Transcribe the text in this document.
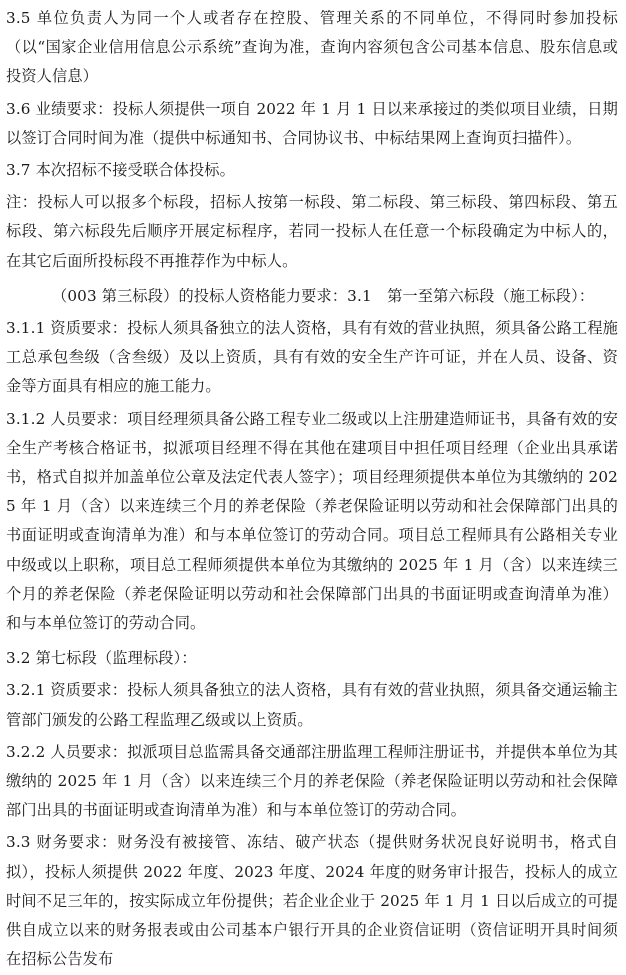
3.5 单位负责人为同一个人或者存在控股、管理关系的不同单位，不得同时参加投标（以“国家企业信用信息公示系统”查询为准，查询内容须包含公司基本信息、股东信息或投资人信息）

3.6 业绩要求：投标人须提供一项自 2022 年 1 月 1 日以来承接过的类似项目业绩，日期以签订合同时间为准（提供中标通知书、合同协议书、中标结果网上查询页扫描件）。

3.7 本次招标不接受联合体投标。

注：投标人可以报多个标段，招标人按第一标段、第二标段、第三标段、第四标段、第五标段、第六标段先后顺序开展定标程序，若同一投标人在任意一个标段确定为中标人的，在其它后面所投标段不再推荐作为中标人。

（003 第三标段）的投标人资格能力要求：3.1　第一至第六标段（施工标段）：

3.1.1 资质要求：投标人须具备独立的法人资格，具有有效的营业执照，须具备公路工程施工总承包叁级（含叁级）及以上资质，具有有效的安全生产许可证，并在人员、设备、资金等方面具有相应的施工能力。

3.1.2 人员要求：项目经理须具备公路工程专业二级或以上注册建造师证书，具备有效的安全生产考核合格证书，拟派项目经理不得在其他在建项目中担任项目经理（企业出具承诺书，格式自拟并加盖单位公章及法定代表人签字）；项目经理须提供本单位为其缴纳的 2025 年 1 月（含）以来连续三个月的养老保险（养老保险证明以劳动和社会保障部门出具的书面证明或查询清单为准）和与本单位签订的劳动合同。项目总工程师具有公路相关专业中级或以上职称，项目总工程师须提供本单位为其缴纳的 2025 年 1 月（含）以来连续三个月的养老保险（养老保险证明以劳动和社会保障部门出具的书面证明或查询清单为准）和与本单位签订的劳动合同。

3.2 第七标段（监理标段）：

3.2.1 资质要求：投标人须具备独立的法人资格，具有有效的营业执照，须具备交通运输主管部门颁发的公路工程监理乙级或以上资质。

3.2.2 人员要求：拟派项目总监需具备交通部注册监理工程师注册证书，并提供本单位为其缴纳的 2025 年 1 月（含）以来连续三个月的养老保险（养老保险证明以劳动和社会保障部门出具的书面证明或查询清单为准）和与本单位签订的劳动合同。

3.3 财务要求：财务没有被接管、冻结、破产状态（提供财务状况良好说明书，格式自拟），投标人须提供 2022 年度、2023 年度、2024 年度的财务审计报告，投标人的成立时间不足三年的，按实际成立年份提供；若企业企业于 2025 年 1 月 1 日以后成立的可提供自成立以来的财务报表或由公司基本户银行开具的企业资信证明（资信证明开具时间须在招标公告发布
